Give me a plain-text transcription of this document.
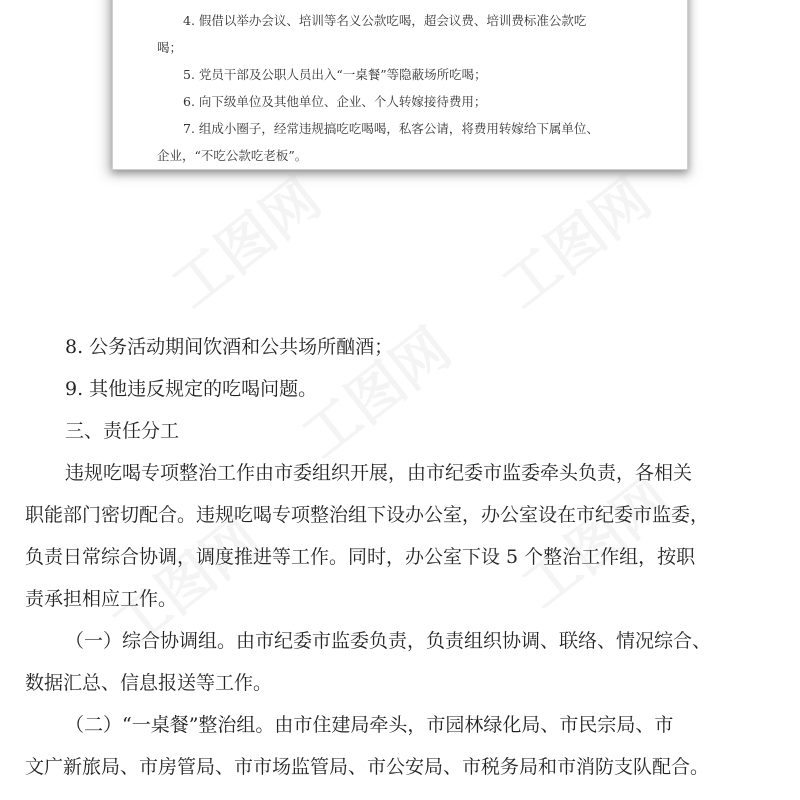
4. 假借以举办会议、培训等名义公款吃喝，超会议费、培训费标准公款吃

喝；

5. 党员干部及公职人员出入“一桌餐”等隐蔽场所吃喝；

6. 向下级单位及其他单位、企业、个人转嫁接待费用；

7. 组成小圈子，经常违规搞吃吃喝喝，私客公请，将费用转嫁给下属单位、

企业，“不吃公款吃老板”。

8. 公务活动期间饮酒和公共场所酗酒；

9. 其他违反规定的吃喝问题。

三、责任分工

违规吃喝专项整治工作由市委组织开展，由市纪委市监委牵头负责，各相关

职能部门密切配合。违规吃喝专项整治组下设办公室，办公室设在市纪委市监委，

负责日常综合协调，调度推进等工作。同时，办公室下设 5 个整治工作组，按职

责承担相应工作。

（一）综合协调组。由市纪委市监委负责，负责组织协调、联络、情况综合、

数据汇总、信息报送等工作。

（二）“一桌餐”整治组。由市住建局牵头，市园林绿化局、市民宗局、市

文广新旅局、市房管局、市市场监管局、市公安局、市税务局和市消防支队配合。
